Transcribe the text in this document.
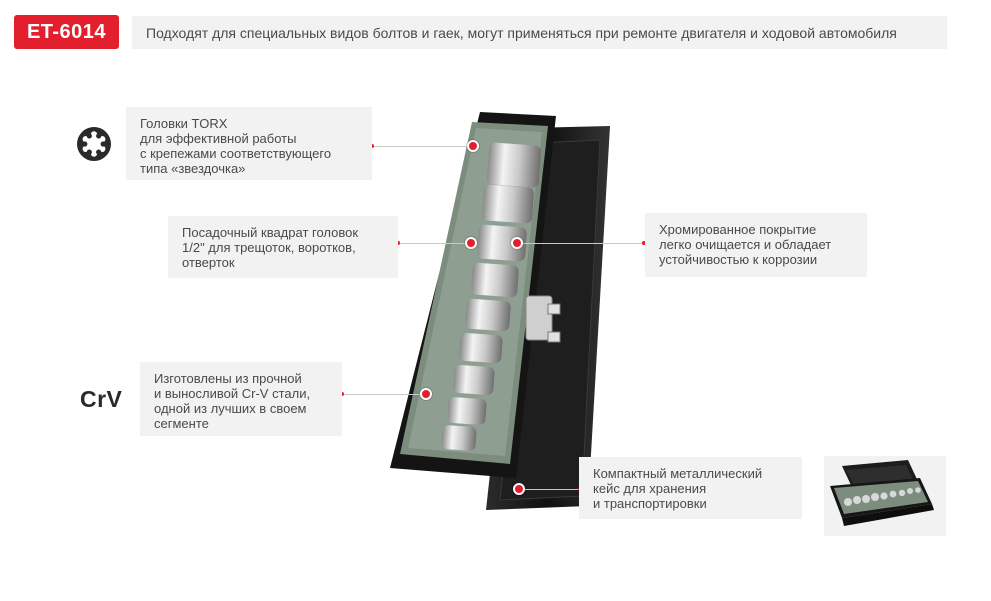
ET-6014	Подходят для специальных видов болтов и гаек, могут применяться при ремонте двигателя и ходовой автомобиля
CrV
Головки TORX
для эффективной работы
с крепежами соответствующего
типа «звездочка»
Посадочный квадрат головок
1/2" для трещоток, воротков,
отверток
Хромированное покрытие
легко очищается и обладает
устойчивостью к коррозии
Изготовлены из прочной
и выносливой Cr-V стали,
одной из лучших в своем
сегменте
Компактный металлический
кейс для хранения
и транспортировки
